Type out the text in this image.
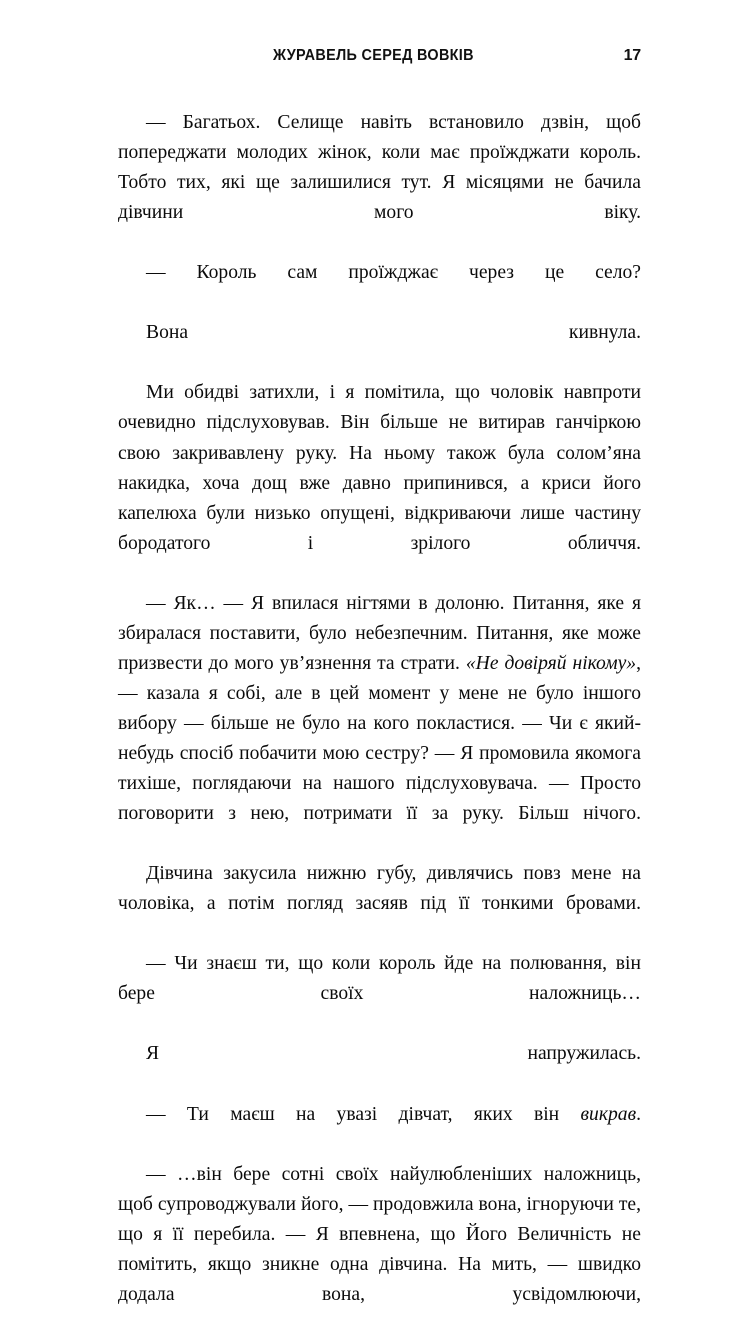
ЖУРАВЕЛЬ СЕРЕД ВОВКІВ	17

— Багатьох. Селище навіть встановило дзвін, щоб попереджати молодих жінок, коли має проїжджати король. Тобто тих, які ще залишилися тут. Я місяцями не бачила дівчини мого віку.

— Король сам проїжджає через це село?

Вона кивнула.

Ми обидві затихли, і я помітила, що чоловік навпроти очевидно підслуховував. Він більше не витирав ганчіркою свою закривавлену руку. На ньому також була солом’яна накидка, хоча дощ вже давно припинився, а криси його капелюха були низько опущені, відкриваючи лише частину бородатого і зрілого обличчя.

— Як… — Я впилася нігтями в долоню. Питання, яке я збиралася поставити, було небезпечним. Питання, яке може призвести до мого ув’язнення та страти. «Не довіряй нікому», — казала я собі, але в цей момент у мене не було іншого вибору — більше не було на кого покластися. — Чи є який-небудь спосіб побачити мою сестру? — Я промовила якомога тихіше, поглядаючи на нашого підслуховувача. — Просто поговорити з нею, потримати її за руку. Більш нічого.

Дівчина закусила нижню губу, дивлячись повз мене на чоловіка, а потім погляд засяяв під її тонкими бровами.

— Чи знаєш ти, що коли король йде на полювання, він бере своїх наложниць…

Я напружилась.

— Ти маєш на увазі дівчат, яких він викрав.

— …він бере сотні своїх найулюбленіших наложниць, щоб супроводжували його, — продовжила вона, ігноруючи те, що я її перебила. — Я впевнена, що Його Величність не помітить, якщо зникне одна дівчина. На мить, — швидко додала вона, усвідомлюючи,
